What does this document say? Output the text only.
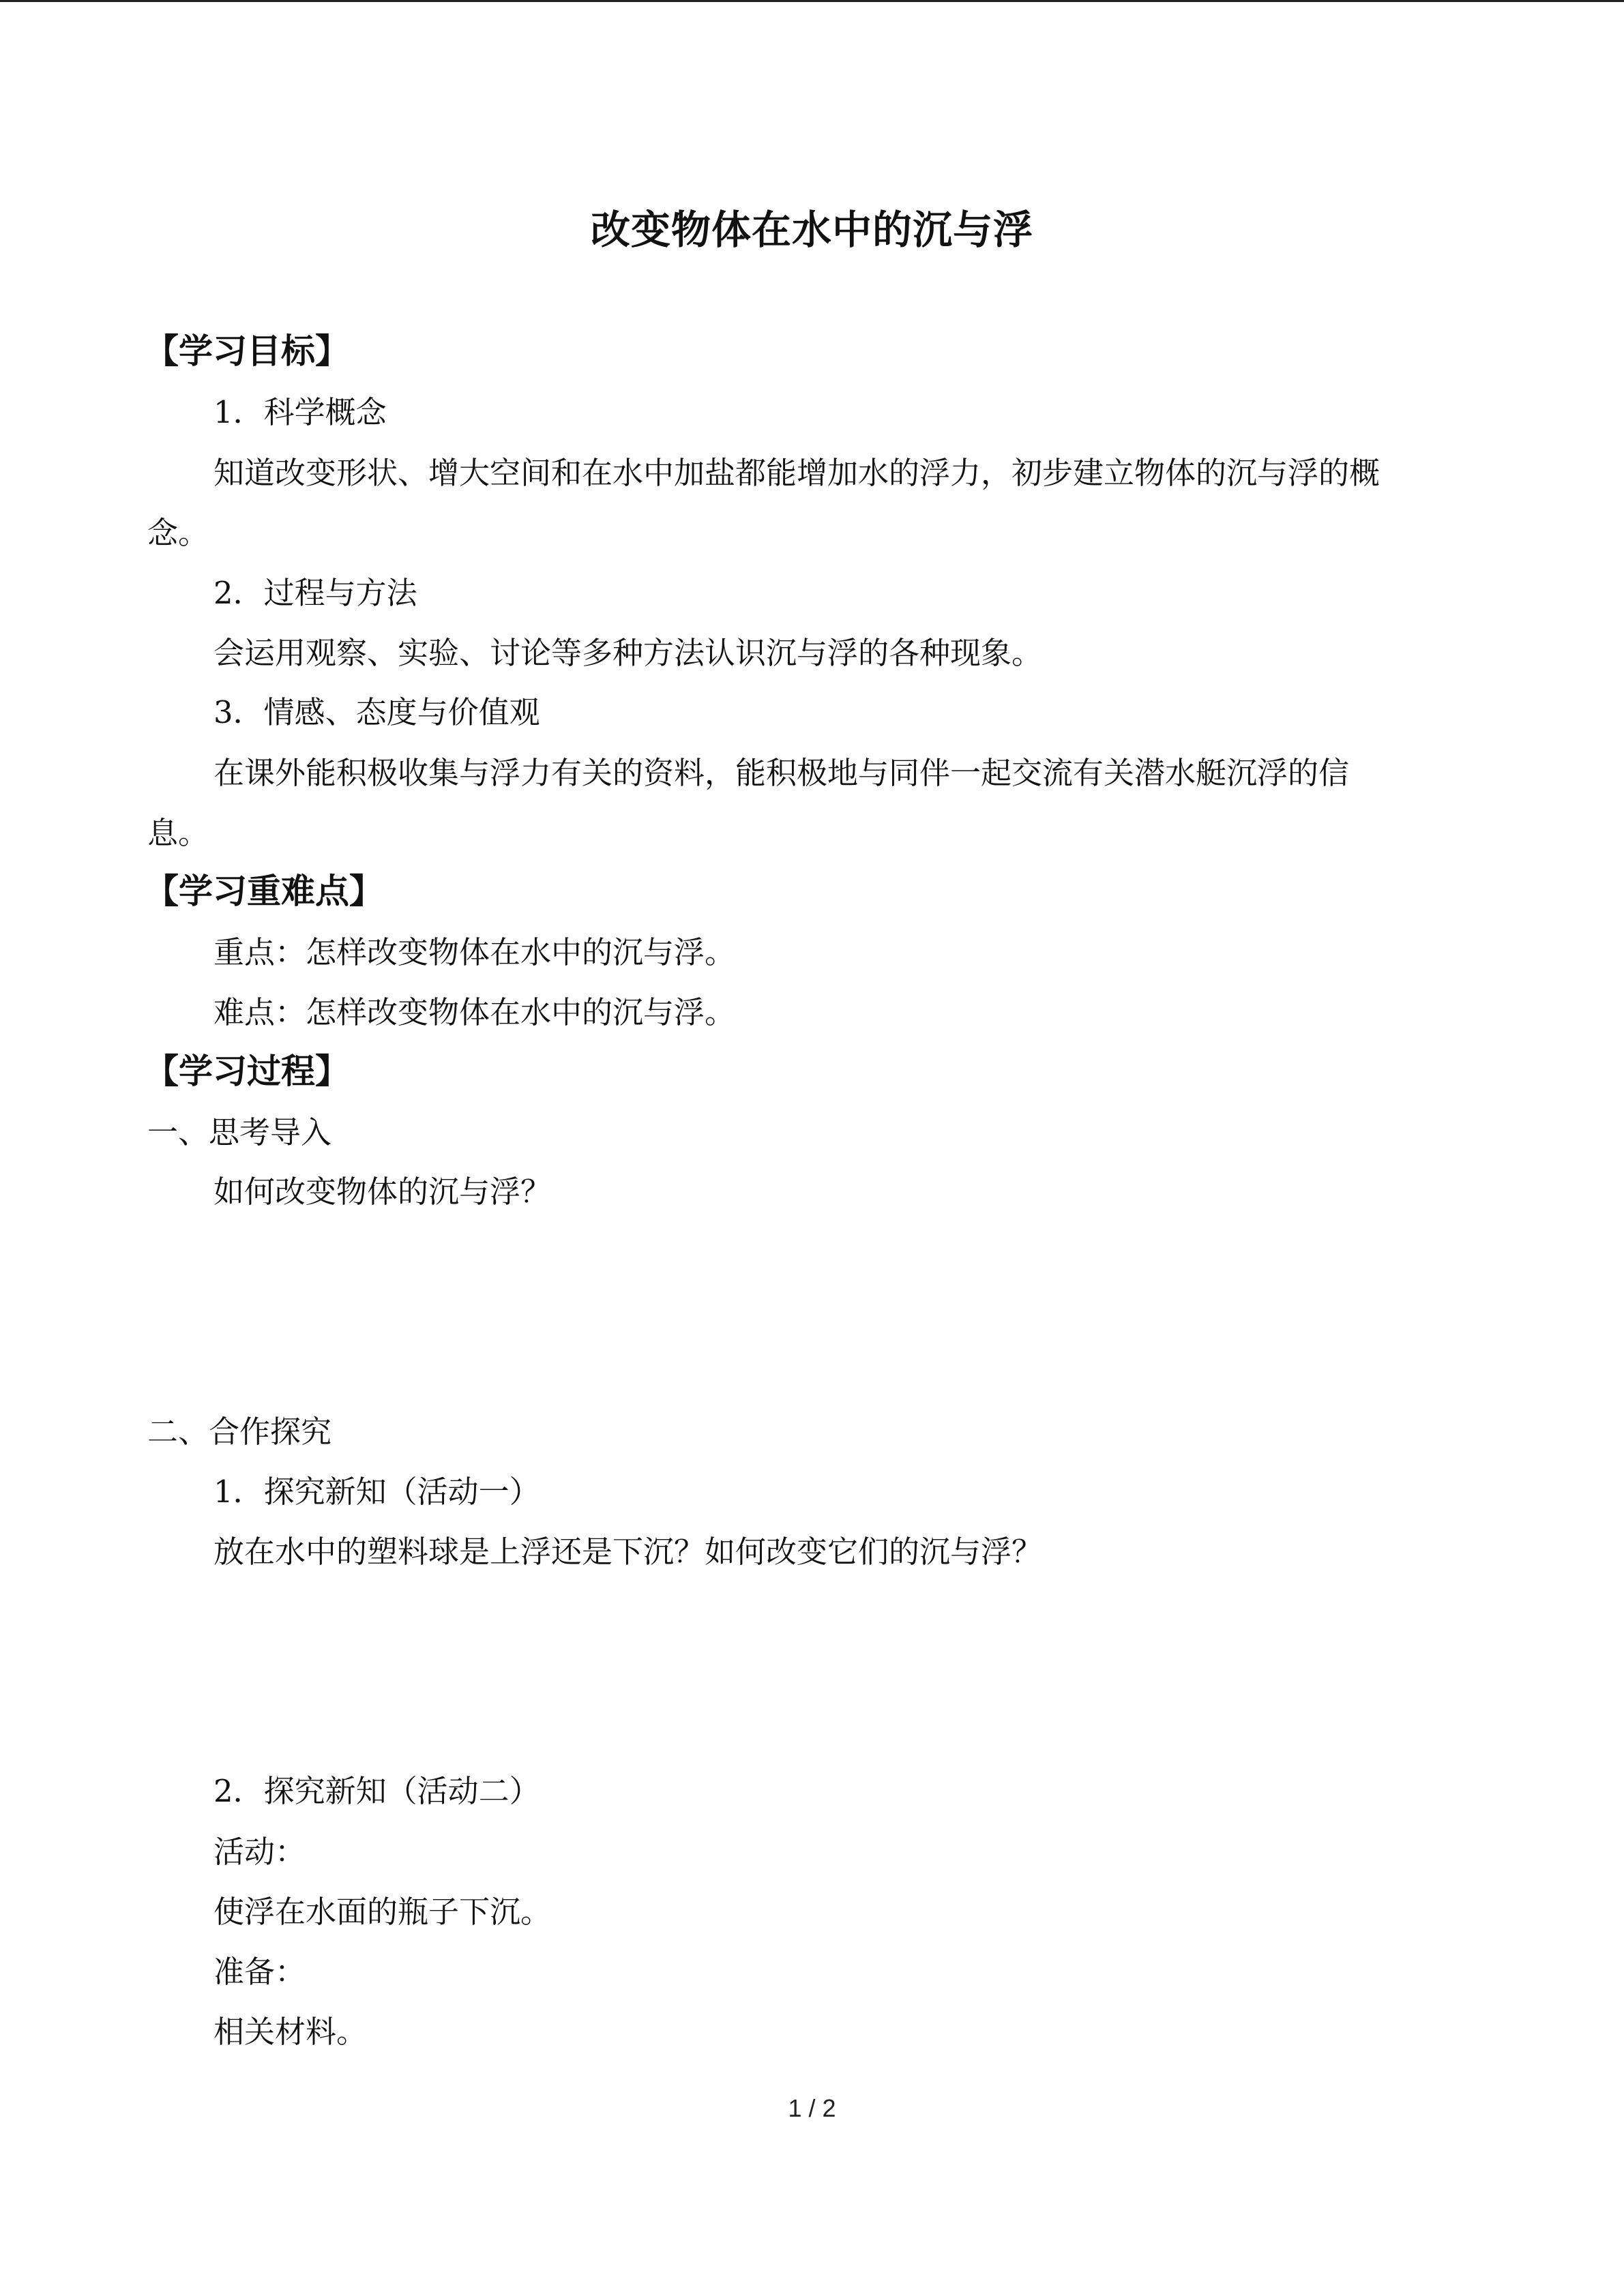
改变物体在水中的沉与浮
【学习目标】
1．科学概念
知道改变形状、增大空间和在水中加盐都能增加水的浮力，初步建立物体的沉与浮的概
念。
2．过程与方法
会运用观察、实验、讨论等多种方法认识沉与浮的各种现象。
3．情感、态度与价值观
在课外能积极收集与浮力有关的资料，能积极地与同伴一起交流有关潜水艇沉浮的信
息。
【学习重难点】
重点：怎样改变物体在水中的沉与浮。
难点：怎样改变物体在水中的沉与浮。
【学习过程】
一、思考导入
如何改变物体的沉与浮？
二、合作探究
1．探究新知（活动一）
放在水中的塑料球是上浮还是下沉？如何改变它们的沉与浮？
2．探究新知（活动二）
活动：
使浮在水面的瓶子下沉。
准备：
相关材料。
1 / 2
